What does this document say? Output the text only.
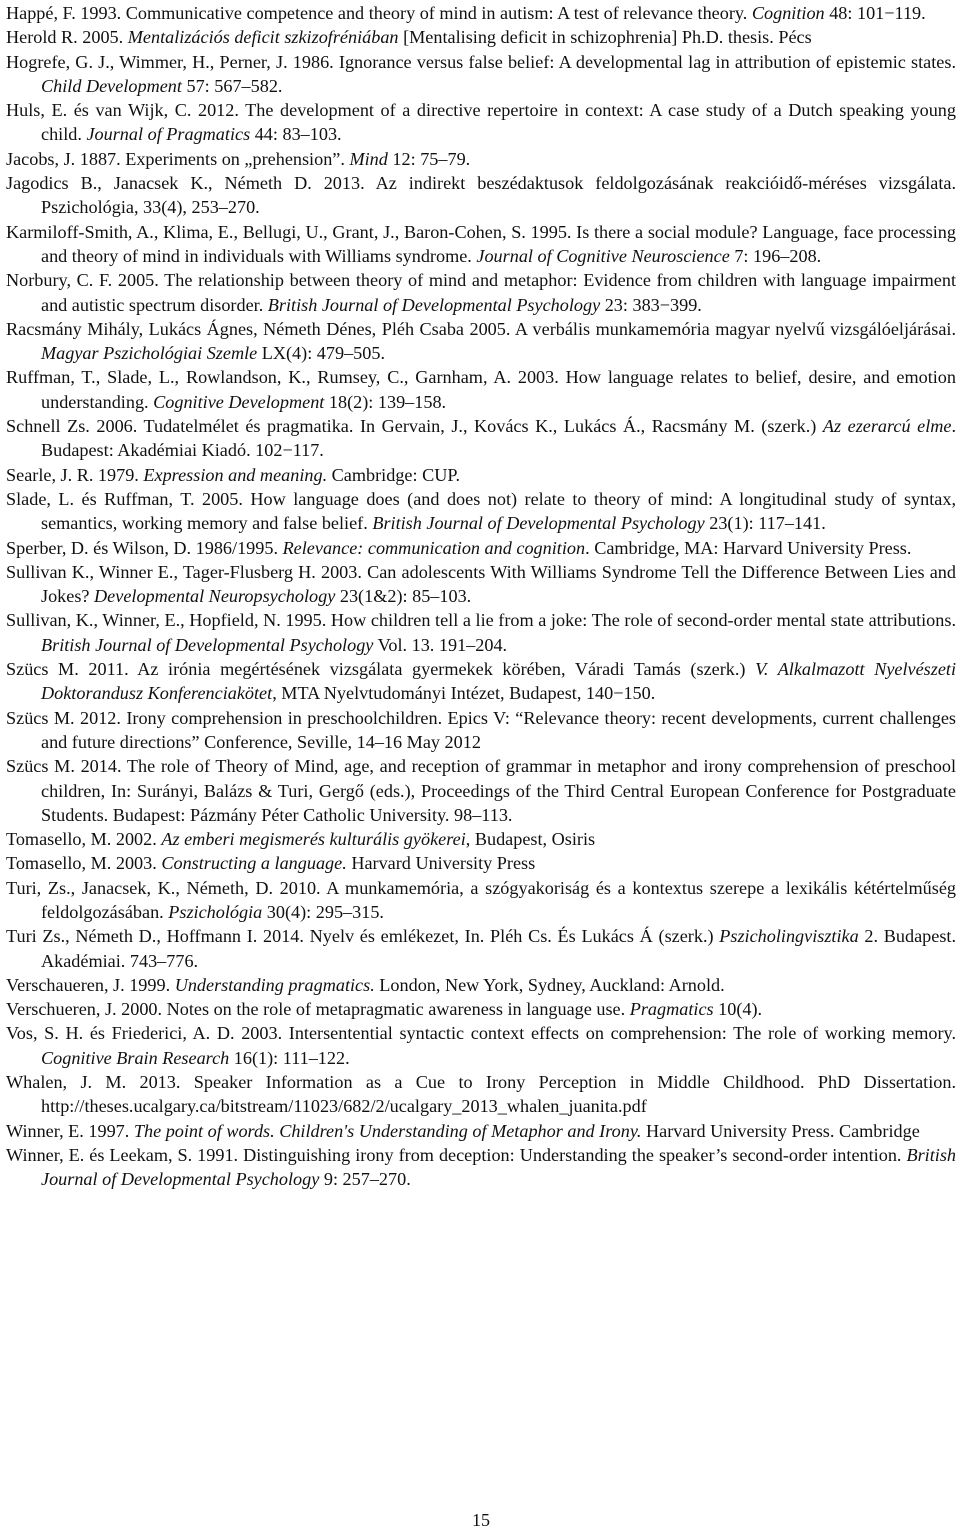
Happé, F. 1993. Communicative competence and theory of mind in autism: A test of relevance theory. Cognition 48: 101−119.
Herold R. 2005. Mentalizációs deficit szkizofréniában [Mentalising deficit in schizophrenia] Ph.D. thesis. Pécs
Hogrefe, G. J., Wimmer, H., Perner, J. 1986. Ignorance versus false belief: A developmental lag in attribution of epistemic states. Child Development 57: 567–582.
Huls, E. és van Wijk, C. 2012. The development of a directive repertoire in context: A case study of a Dutch speaking young child. Journal of Pragmatics 44: 83–103.
Jacobs, J. 1887. Experiments on „prehension”. Mind 12: 75–79.
Jagodics B., Janacsek K., Németh D. 2013. Az indirekt beszédaktusok feldolgozásának reakcióidő-méréses vizsgálata. Pszichológia, 33(4), 253–270.
Karmiloff-Smith, A., Klima, E., Bellugi, U., Grant, J., Baron-Cohen, S. 1995. Is there a social module? Language, face processing and theory of mind in individuals with Williams syndrome. Journal of Cognitive Neuroscience 7: 196–208.
Norbury, C. F. 2005. The relationship between theory of mind and metaphor: Evidence from children with language impairment and autistic spectrum disorder. British Journal of Developmental Psychology 23: 383−399.
Racsmány Mihály, Lukács Ágnes, Németh Dénes, Pléh Csaba 2005. A verbális munkamemória magyar nyelvű vizsgálóeljárásai. Magyar Pszichológiai Szemle LX(4): 479–505.
Ruffman, T., Slade, L., Rowlandson, K., Rumsey, C., Garnham, A. 2003. How language relates to belief, desire, and emotion understanding. Cognitive Development 18(2): 139–158.
Schnell Zs. 2006. Tudatelmélet és pragmatika. In Gervain, J., Kovács K., Lukács Á., Racsmány M. (szerk.) Az ezerarcú elme. Budapest: Akadémiai Kiadó. 102−117.
Searle, J. R. 1979. Expression and meaning. Cambridge: CUP.
Slade, L. és Ruffman, T. 2005. How language does (and does not) relate to theory of mind: A longitudinal study of syntax, semantics, working memory and false belief. British Journal of Developmental Psychology 23(1): 117–141.
Sperber, D. és Wilson, D. 1986/1995. Relevance: communication and cognition. Cambridge, MA: Harvard University Press.
Sullivan K., Winner E., Tager-Flusberg H. 2003. Can adolescents With Williams Syndrome Tell the Difference Between Lies and Jokes? Developmental Neuropsychology 23(1&2): 85–103.
Sullivan, K., Winner, E., Hopfield, N. 1995. How children tell a lie from a joke: The role of second-order mental state attributions. British Journal of Developmental Psychology Vol. 13. 191–204.
Szücs M. 2011. Az irónia megértésének vizsgálata gyermekek körében, Váradi Tamás (szerk.) V. Alkalmazott Nyelvészeti Doktorandusz Konferenciakötet, MTA Nyelvtudományi Intézet, Budapest, 140−150.
Szücs M. 2012. Irony comprehension in preschoolchildren. Epics V: “Relevance theory: recent developments, current challenges and future directions” Conference, Seville, 14–16 May 2012
Szücs M. 2014. The role of Theory of Mind, age, and reception of grammar in metaphor and irony comprehension of preschool children, In: Surányi, Balázs & Turi, Gergő (eds.), Proceedings of the Third Central European Conference for Postgraduate Students. Budapest: Pázmány Péter Catholic University. 98–113.
Tomasello, M. 2002. Az emberi megismerés kulturális gyökerei, Budapest, Osiris
Tomasello, M. 2003. Constructing a language. Harvard University Press
Turi, Zs., Janacsek, K., Németh, D. 2010. A munkamemória, a szógyakoriság és a kontextus szerepe a lexikális kétértelműség feldolgozásában. Pszichológia 30(4): 295–315.
Turi Zs., Németh D., Hoffmann I. 2014. Nyelv és emlékezet, In. Pléh Cs. És Lukács Á (szerk.) Pszicholingvisztika 2. Budapest. Akadémiai. 743–776.
Verschaueren, J. 1999. Understanding pragmatics. London, New York, Sydney, Auckland: Arnold.
Verschueren, J. 2000. Notes on the role of metapragmatic awareness in language use. Pragmatics 10(4).
Vos, S. H. és Friederici, A. D. 2003. Intersentential syntactic context effects on comprehension: The role of working memory. Cognitive Brain Research 16(1): 111–122.
Whalen, J. M. 2013. Speaker Information as a Cue to Irony Perception in Middle Childhood. PhD Dissertation. http://theses.ucalgary.ca/bitstream/11023/682/2/ucalgary_2013_whalen_juanita.pdf
Winner, E. 1997. The point of words. Children's Understanding of Metaphor and Irony. Harvard University Press. Cambridge
Winner, E. és Leekam, S. 1991. Distinguishing irony from deception: Understanding the speaker’s second-order intention. British Journal of Developmental Psychology 9: 257–270.
15
